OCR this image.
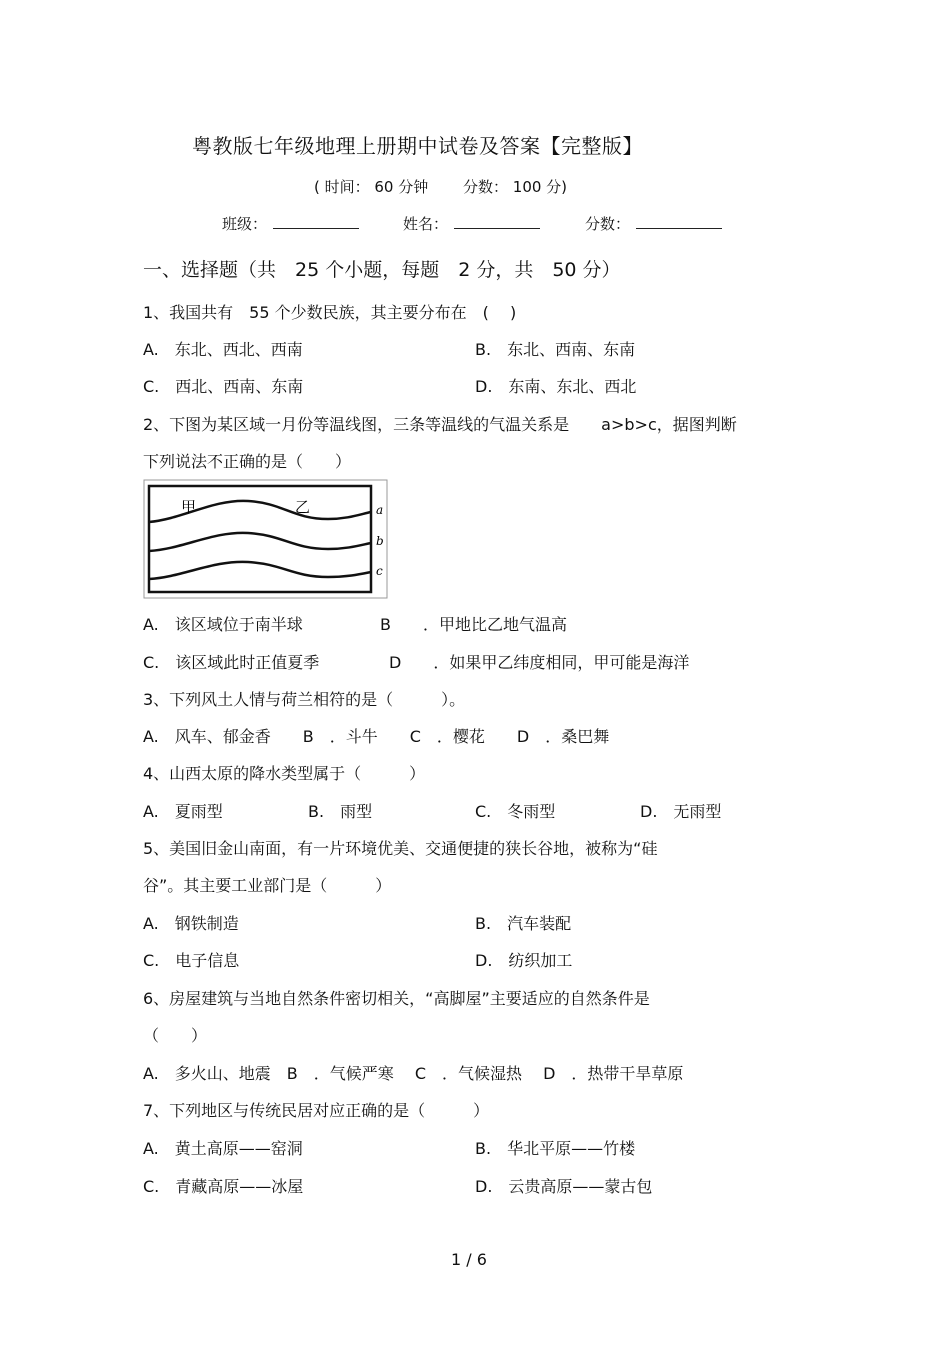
粤教版七年级地理上册期中试卷及答案【完整版】
( 时间： 60 分钟 　　分数： 100 分)
班级：	姓名：	分数：
一、选择题（共　25 个小题，每题　2 分，共　50 分）
1、我国共有　55 个少数民族，其主要分布在　(　 )
A.　东北、西北、西南	B.　东北、西南、东南
C.　西北、西南、东南	D.　东南、东北、西北
2、下图为某区域一月份等温线图，三条等温线的气温关系是　　a>b>c，据图判断
下列说法不正确的是（　　）
甲	乙	a
b
c
A.　该区域位于南半球	B　　．甲地比乙地气温高
C.　该区域此时正值夏季	D　　．如果甲乙纬度相同，甲可能是海洋
3、下列风土人情与荷兰相符的是（　　　）。
A.　风车、郁金香　　B　．斗牛　　C　．樱花　　D　．桑巴舞
4、山西太原的降水类型属于（　　　）
A.　夏雨型	B.　雨型	C.　冬雨型	D.　无雨型
5、美国旧金山南面，有一片环境优美、交通便捷的狭长谷地，被称为“硅
谷”。其主要工业部门是（　　　）
A.　钢铁制造	B.　汽车装配
C.　电子信息	D.　纺织加工
6、房屋建筑与当地自然条件密切相关，“高脚屋”主要适应的自然条件是
（　　）
A.　多火山、地震　B　．气候严寒　 C　．气候湿热　 D　．热带干旱草原
7、下列地区与传统民居对应正确的是（　　　）
A.　黄土高原——窑洞	B.　华北平原——竹楼
C.　青藏高原——冰屋	D.　云贵高原——蒙古包
1 / 6
